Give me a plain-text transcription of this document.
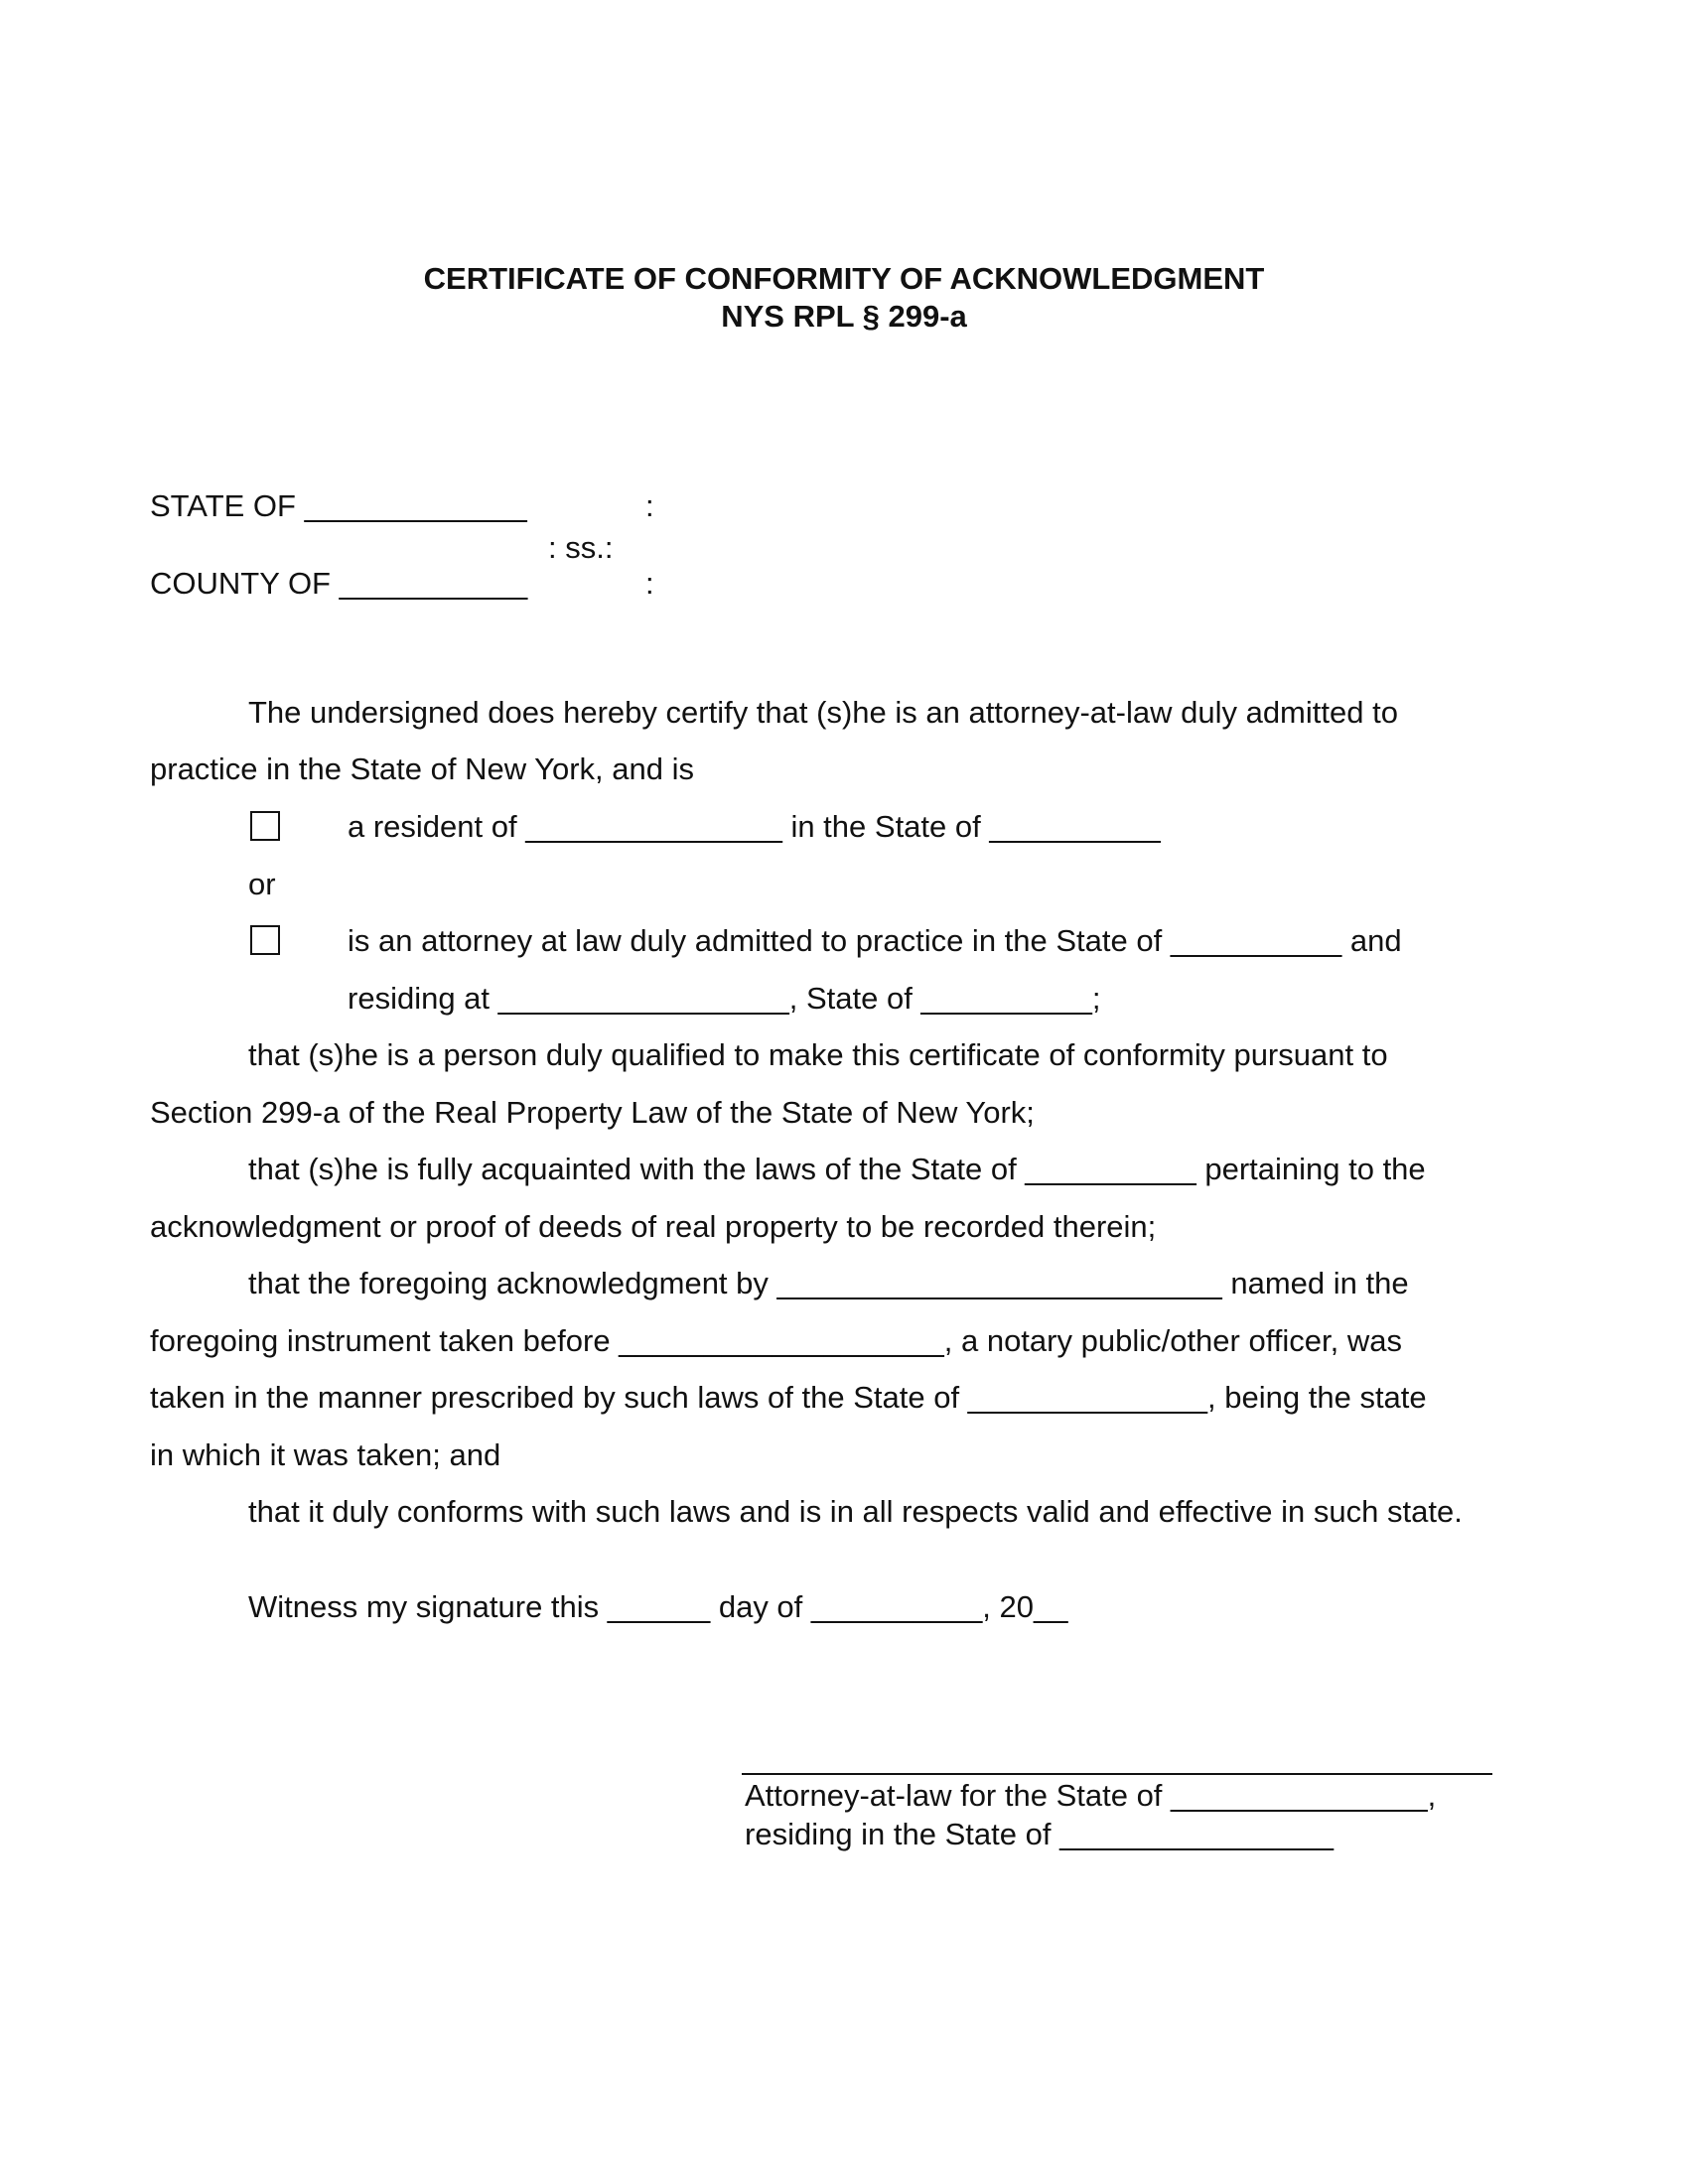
CERTIFICATE OF CONFORMITY OF ACKNOWLEDGMENT
NYS RPL § 299-a
STATE OF _____________	:
: ss.:
COUNTY OF ___________	:
The undersigned does hereby certify that (s)he is an attorney-at-law duly admitted to
practice in the State of New York, and is
a resident of _______________ in the State of __________
or
is an attorney at law duly admitted to practice in the State of __________ and
residing at _________________, State of __________;
that (s)he is a person duly qualified to make this certificate of conformity pursuant to
Section 299-a of the Real Property Law of the State of New York;
that (s)he is fully acquainted with the laws of the State of __________ pertaining to the
acknowledgment or proof of deeds of real property to be recorded therein;
that the foregoing acknowledgment by __________________________ named in the
foregoing instrument taken before ___________________, a notary public/other officer, was
taken in the manner prescribed by such laws of the State of ______________, being the state
in which it was taken; and
that it duly conforms with such laws and is in all respects valid and effective in such state.
Witness my signature this ______ day of __________, 20__
Attorney-at-law for the State of _______________,
residing in the State of ________________
